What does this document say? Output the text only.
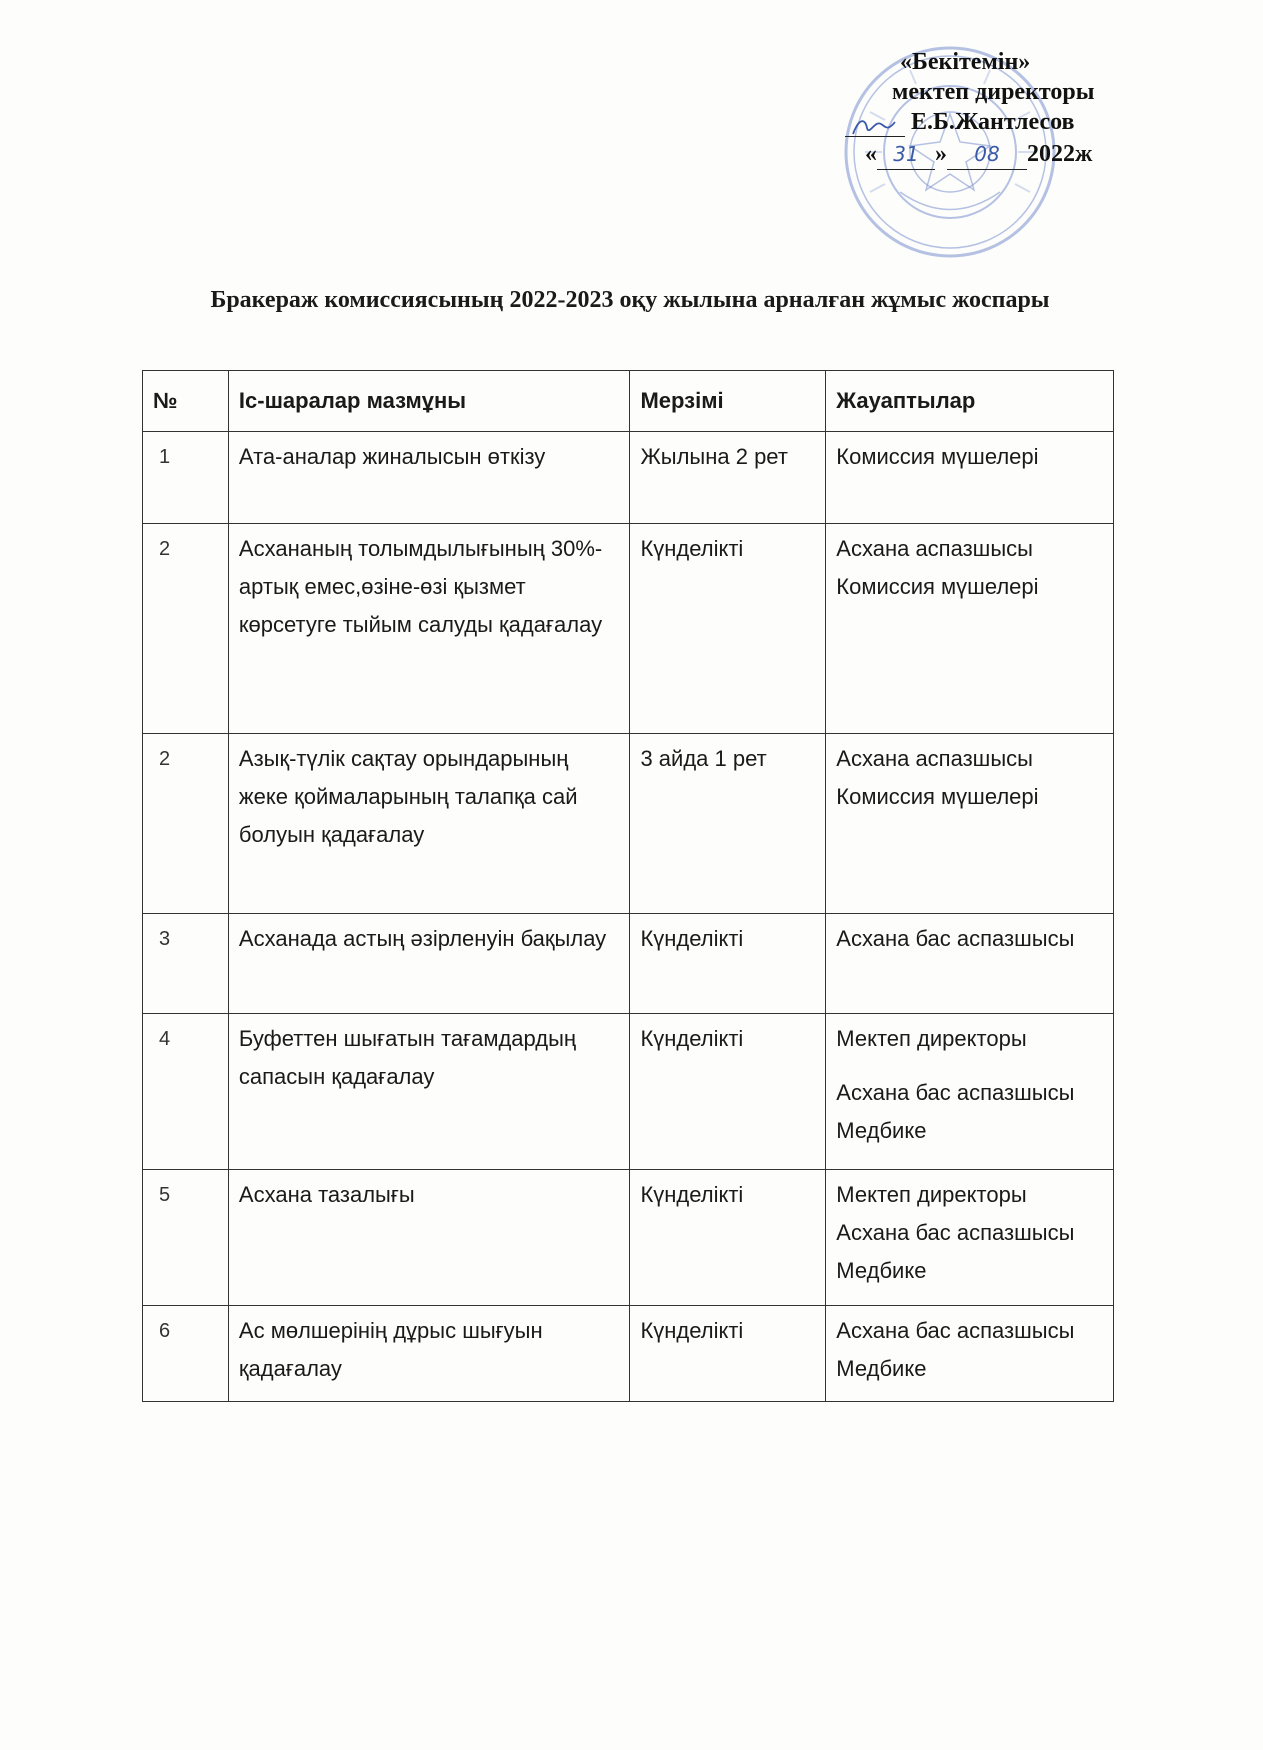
«Бекітемін»
мектеп директоры
Е.Б.Жантлесов
« 31 » 08 2022ж
Бракераж комиссиясының 2022-2023 оқу жылына арналған жұмыс жоспары
№	Іс-шаралар мазмұны	Мерзімі	Жауаптылар
1	Ата-аналар жиналысын өткізу	Жылына 2 рет	Комиссия мүшелері
2	Асхананың толымдылығының 30%-артық емес,өзіне-өзі қызмет көрсетуге тыйым салуды қадағалау	Күнделікті	Асхана аспазшысы Комиссия мүшелері
2	Азық-түлік сақтау орындарының жеке қоймаларының талапқа сай болуын қадағалау	3 айда 1 рет	Асхана аспазшысы Комиссия мүшелері
3	Асханада астың әзірленуін бақылау	Күнделікті	Асхана бас аспазшысы
4	Буфеттен шығатын тағамдардың сапасын қадағалау	Күнделікті	Мектеп директоры
Асхана бас аспазшысы Медбике
5	Асхана тазалығы	Күнделікті	Мектеп директоры Асхана бас аспазшысы Медбике
6	Ас мөлшерінің дұрыс шығуын қадағалау	Күнделікті	Асхана бас аспазшысы Медбике
